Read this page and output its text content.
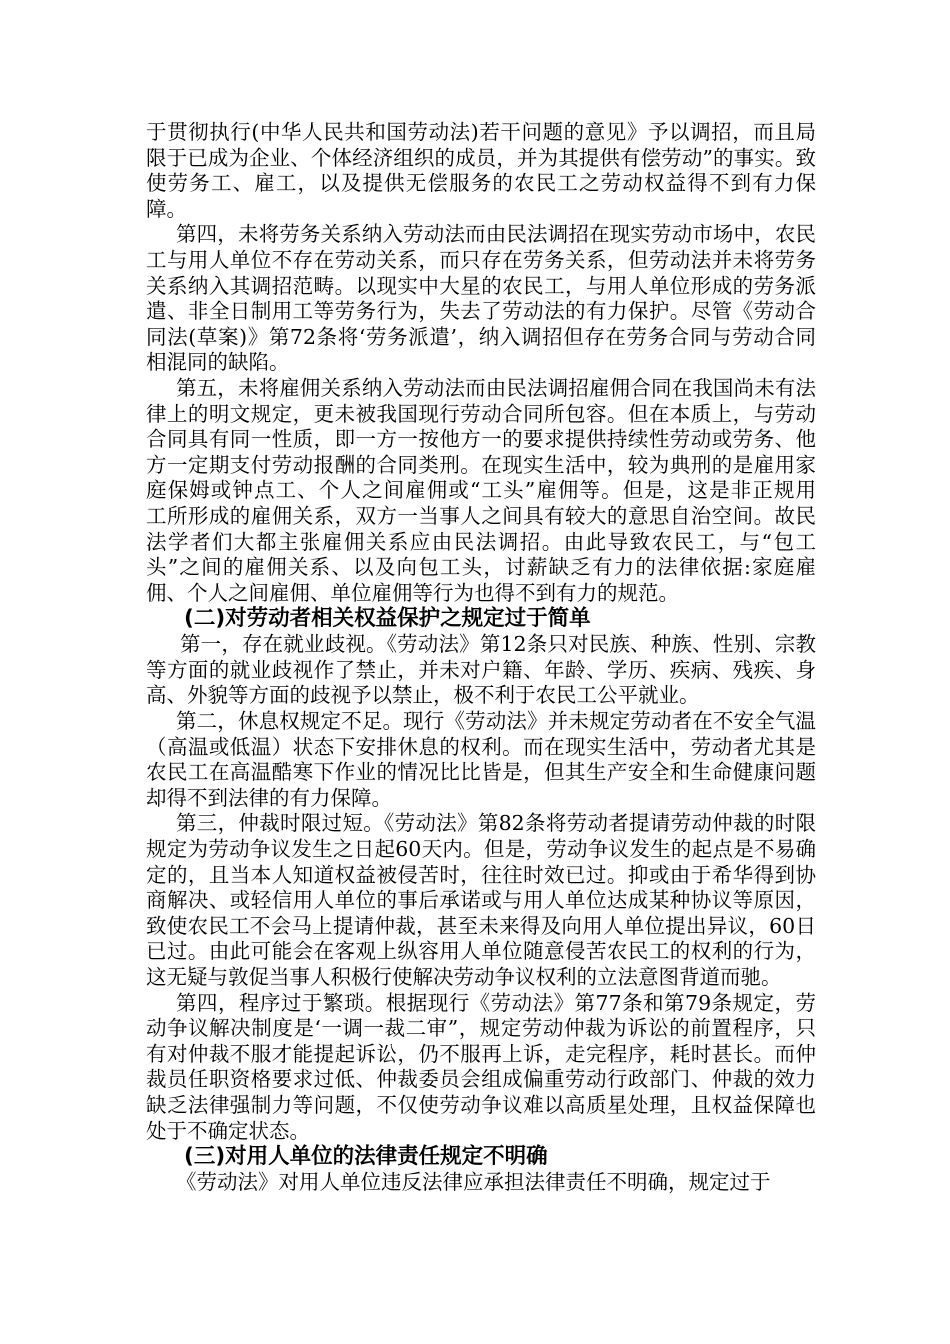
于贯彻执行(中华人民共和国劳动法)若干问题的意见》予以调招，而且局限于已成为企业、个体经济组织的成员，并为其提供有偿劳动”的事实。致使劳务工、雇工，以及提供无偿服务的农民工之劳动权益得不到有力保障。

第四，未将劳务关系纳入劳动法而由民法调招在现实劳动市场中，农民工与用人单位不存在劳动关系，而只存在劳务关系，但劳动法并未将劳务关系纳入其调招范畴。以现实中大星的农民工，与用人单位形成的劳务派遣、非全日制用工等劳务行为，失去了劳动法的有力保护。尽管《劳动合同法(草案)》第72条将‘劳务派遣’，纳入调招但存在劳务合同与劳动合同相混同的缺陷。

第五，未将雇佣关系纳入劳动法而由民法调招雇佣合同在我国尚未有法律上的明文规定，更未被我国现行劳动合同所包容。但在本质上，与劳动合同具有同一性质，即一方一按他方一的要求提供持续性劳动或劳务、他方一定期支付劳动报酬的合同类刑。在现实生活中，较为典刑的是雇用家庭保姆或钟点工、个人之间雇佣或“工头”雇佣等。但是，这是非正规用　工所形成的雇佣关系，双方一当事人之间具有较大的意思自治空间。故民法学者们大都主张雇佣关系应由民法调招。由此导致农民工，与“包工头”之间的雇佣关系、以及向包工头，讨薪缺乏有力的法律依据:家庭雇佣、个人之间雇佣、单位雇佣等行为也得不到有力的规范。

(二)对劳动者相关权益保护之规定过于简单

第一，存在就业歧视。《劳动法》第12条只对民族、种族、性别、宗教等方面的就业歧视作了禁止，并未对户籍、年龄、学历、疾病、残疾、身高、外貌等方面的歧视予以禁止，极不利于农民工公平就业。

第二，休息权规定不足。现行《劳动法》并未规定劳动者在不安全气温（高温或低温）状态下安排休息的权利。而在现实生活中，劳动者尤其是农民工在高温酷寒下作业的情况比比皆是，但其生产安全和生命健康问题却得不到法律的有力保障。

第三，仲裁时限过短。《劳动法》第82条将劳动者提请劳动仲裁的时限规定为劳动争议发生之日起60天内。但是，劳动争议发生的起点是不易确定的，且当本人知道权益被侵苦时，往往时效已过。抑或由于希华得到协商解决、或轻信用人单位的事后承诺或与用人单位达成某种协议等原因，致使农民工不会马上提请仲裁，甚至未来得及向用人单位提出异议，60日已过。由此可能会在客观上纵容用人单位随意侵苦农民工的权利的行为，这无疑与敦促当事人积极行使解决劳动争议权利的立法意图背道而驰。

第四，程序过于繁琐。根据现行《劳动法》第77条和第79条规定，劳动争议解决制度是‘一调一裁二审”，规定劳动仲裁为诉讼的前置程序，只有对仲裁不服才能提起诉讼，仍不服再上诉，走完程序，耗时甚长。而仲裁员任职资格要求过低、仲裁委员会组成偏重劳动行政部门、仲裁的效力缺乏法律强制力等问题，不仅使劳动争议难以高质星处理，且权益保障也处于不确定状态。

(三)对用人单位的法律责任规定不明确

《劳动法》对用人单位违反法律应承担法律责任不明确，规定过于
